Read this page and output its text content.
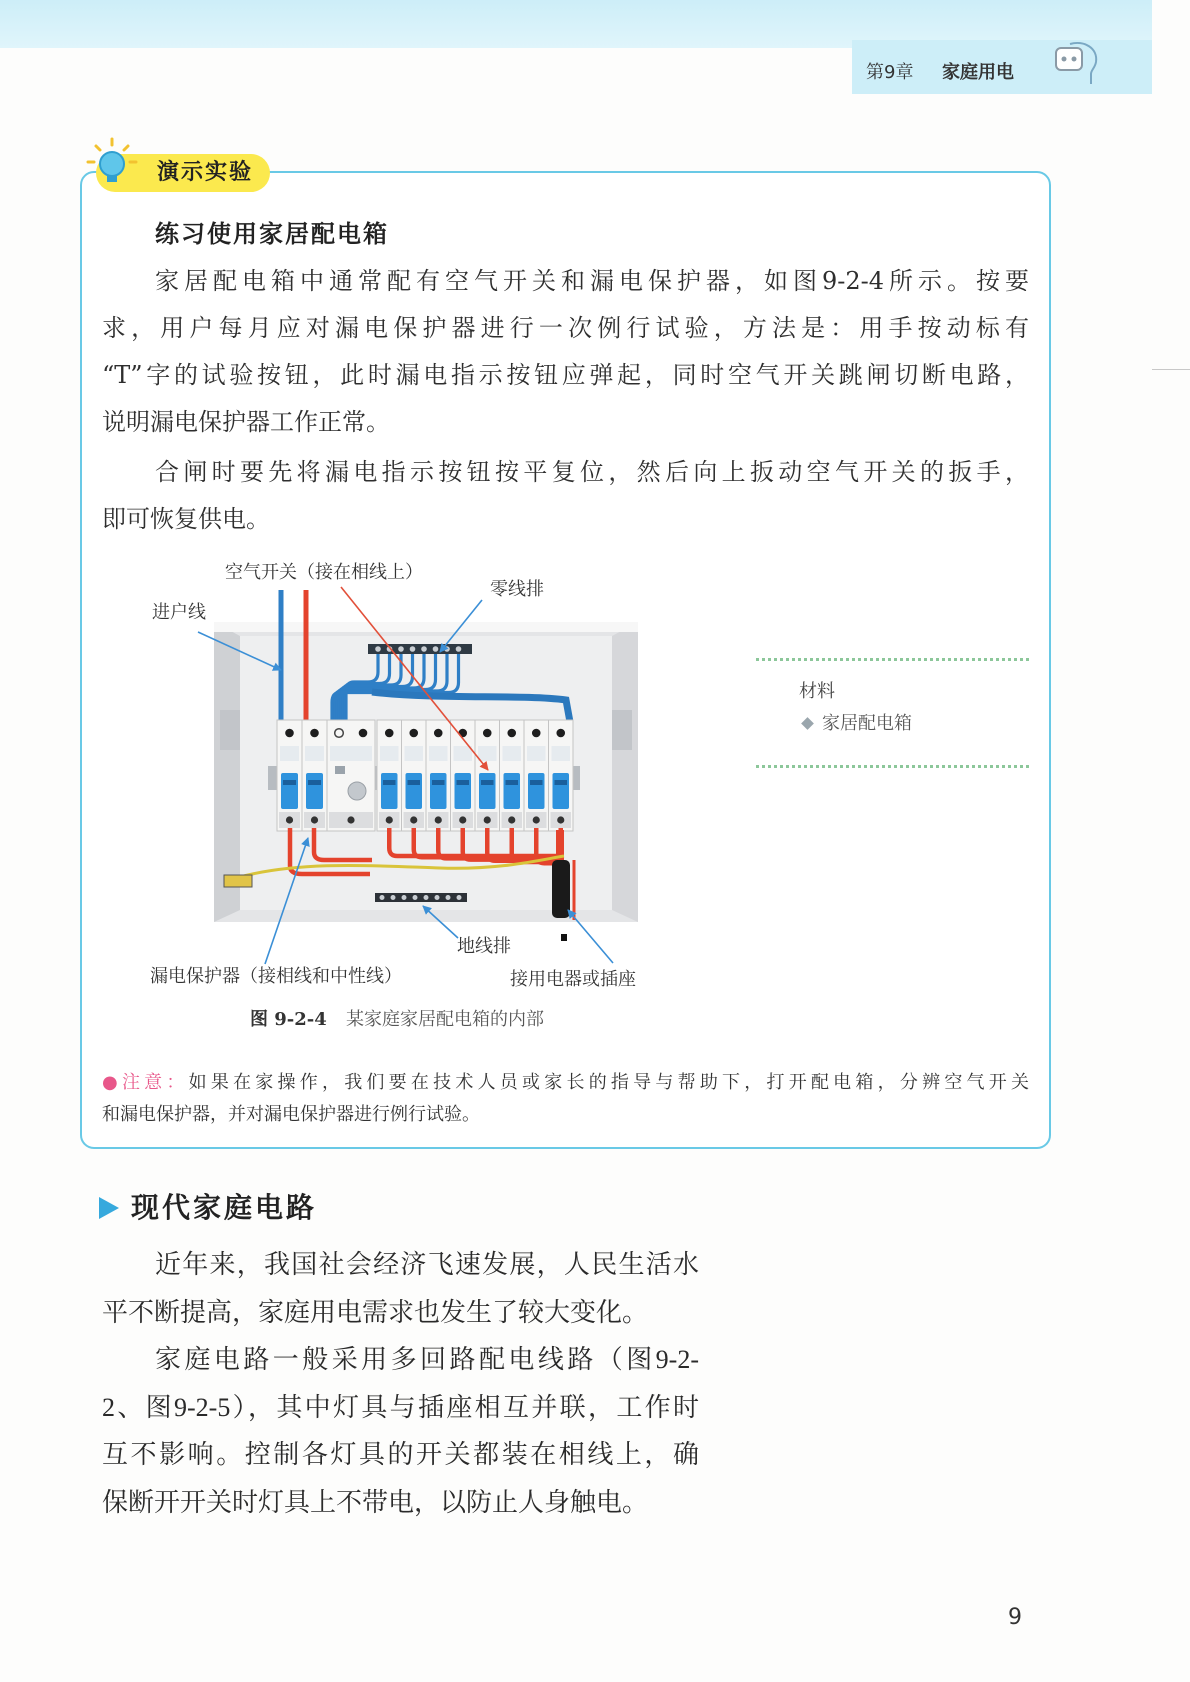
第9章 家庭用电
演示实验
练习使用家居配电箱
家居配电箱中通常配有空气开关和漏电保护器，如图9-2-4所示。按要
求，用户每月应对漏电保护器进行一次例行试验，方法是：用手按动标有
“T”字的试验按钮，此时漏电指示按钮应弹起，同时空气开关跳闸切断电路，
说明漏电保护器工作正常。
合闸时要先将漏电指示按钮按平复位，然后向上扳动空气开关的扳手，
即可恢复供电。
空气开关（接在相线上）
零线排
进户线
地线排
漏电保护器（接相线和中性线）	接用电器或插座
图 9-2-4 某家庭家居配电箱的内部
材料
家居配电箱
●注意：如果在家操作，我们要在技术人员或家长的指导与帮助下，打开配电箱，分辨空气开关
和漏电保护器，并对漏电保护器进行例行试验。
现代家庭电路
近年来，我国社会经济飞速发展，人民生活水
平不断提高，家庭用电需求也发生了较大变化。
家庭电路一般采用多回路配电线路（图9-2-
2、图9-2-5），其中灯具与插座相互并联，工作时
互不影响。控制各灯具的开关都装在相线上，确
保断开开关时灯具上不带电，以防止人身触电。
9
